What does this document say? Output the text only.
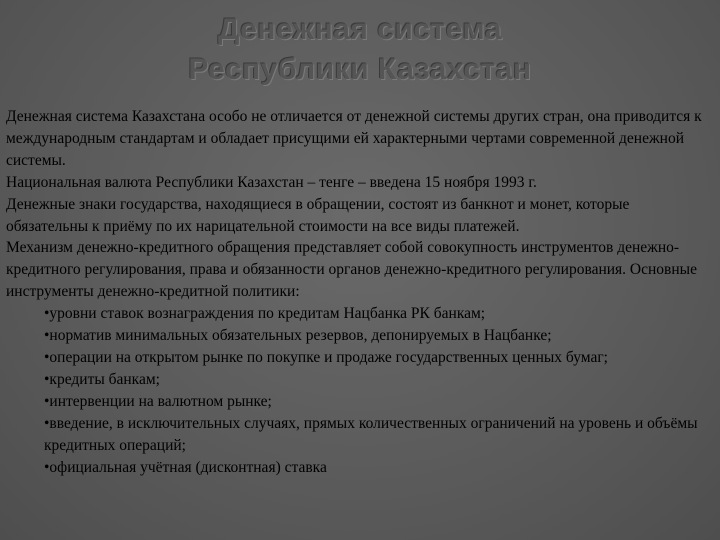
Денежная система
Республики Казахстан

Денежная система Казахстана особо не отличается от денежной системы других стран, она приводится к международным стандартам и обладает присущими ей характерными чертами современной денежной системы.

Национальная валюта Республики Казахстан – тенге – введена 15 ноября 1993 г.

Денежные знаки государства, находящиеся в обращении, состоят из банкнот и монет, которые обязательны к приёму по их нарицательной стоимости на все виды платежей.

Механизм денежно-кредитного обращения представляет собой совокупность инструментов денежно-кредитного регулирования, права и обязанности органов денежно-кредитного регулирования. Основные инструменты денежно-кредитной политики:

•уровни ставок вознаграждения по кредитам Нацбанка РК банкам;
•норматив минимальных обязательных резервов, депонируемых в Нацбанке;
•операции на открытом рынке по покупке и продаже государственных ценных бумаг;
•кредиты банкам;
•интервенции на валютном рынке;
•введение, в исключительных случаях, прямых количественных ограничений на уровень и объёмы кредитных операций;
•официальная учётная (дисконтная) ставка
